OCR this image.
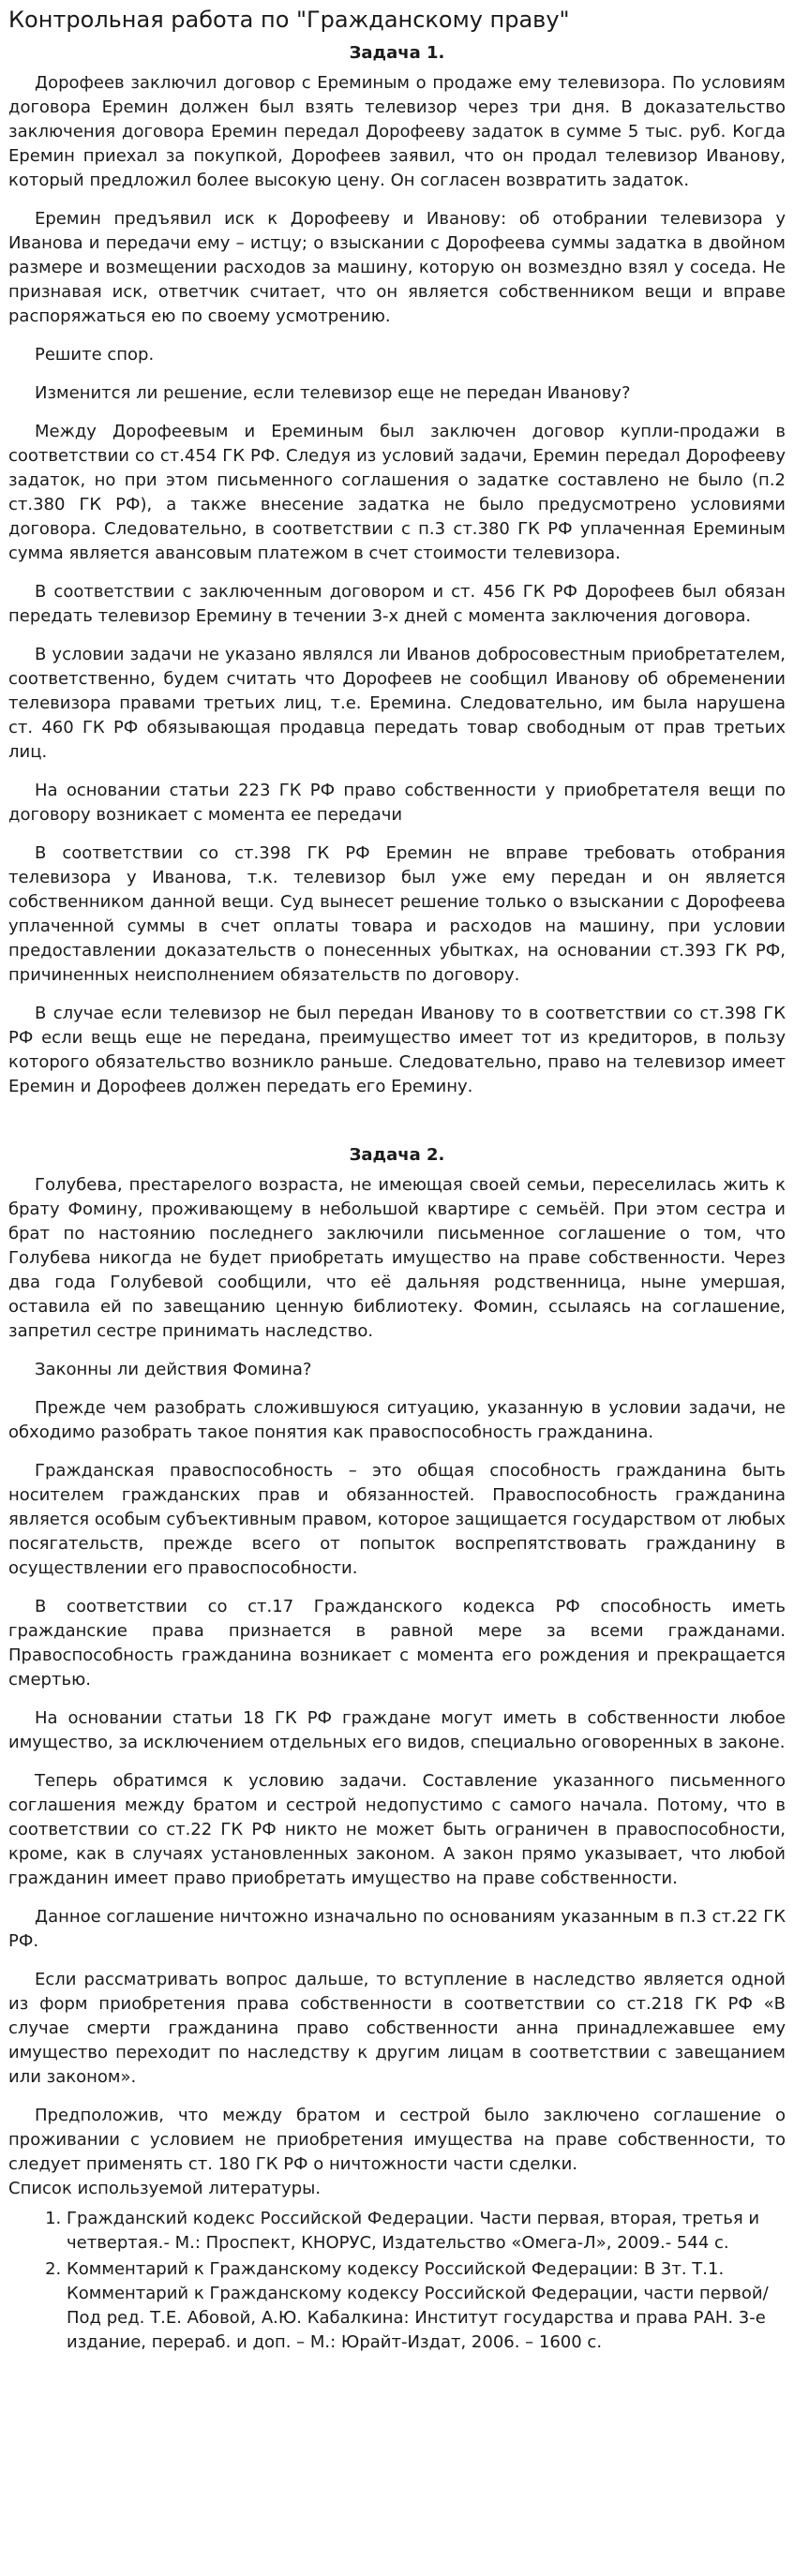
Контрольная работа по "Гражданскому праву"
Задача 1.

Дорофеев заключил договор с Ереминым о продаже ему телевизора. По условиям договора Еремин должен был взять телевизор через три дня. В доказательство заключения договора Еремин передал Дорофееву задаток в сумме 5 тыс. руб. Когда Еремин приехал за покупкой, Дорофеев заявил, что он продал телевизор Иванову, который предложил более высокую цену. Он согласен возвратить задаток.

Еремин предъявил иск к Дорофееву и Иванову: об отобрании телевизора у Иванова и передачи ему – истцу; о взыскании с Дорофеева суммы задатка в двойном размере и возмещении расходов за машину, которую он возмездно взял у соседа. Не признавая иск, ответчик считает, что он является собственником вещи и вправе распоряжаться ею по своему усмотрению.

Решите спор.

Изменится ли решение, если телевизор еще не передан Иванову?

Между Дорофеевым и Ереминым был заключен договор купли-продажи в соответствии со ст.454 ГК РФ. Следуя из условий задачи, Еремин передал Дорофееву задаток, но при этом письменного соглашения о задатке составлено не было (п.2 ст.380 ГК РФ), а также внесение задатка не было предусмотрено условиями договора. Следовательно, в соответствии с п.3 ст.380 ГК РФ уплаченная Ереминым сумма является авансовым платежом в счет стоимости телевизора.

В соответствии с заключенным договором и ст. 456 ГК РФ Дорофеев был обязан передать телевизор Еремину в течении 3-х дней с момента заключения договора.

В условии задачи не указано являлся ли Иванов добросовестным приобретателем, соответственно, будем считать что Дорофеев не сообщил Иванову об обременении телевизора правами третьих лиц, т.е. Еремина. Следовательно, им была нарушена ст. 460 ГК РФ обязывающая продавца передать товар свободным от прав третьих лиц.

На основании статьи 223 ГК РФ право собственности у приобретателя вещи по договору возникает с момента ее передачи

В соответствии со ст.398 ГК РФ Еремин не вправе требовать отобрания телевизора у Иванова, т.к. телевизор был уже ему передан и он является собственником данной вещи. Суд вынесет решение только о взыскании с Дорофеева уплаченной суммы в счет оплаты товара и расходов на машину, при условии предоставлении доказательств о понесенных убытках, на основании ст.393 ГК РФ, причиненных неисполнением обязательств по договору.

В случае если телевизор не был передан Иванову то в соответствии со ст.398 ГК РФ если вещь еще не передана, преимущество имеет тот из кредиторов, в пользу которого обязательство возникло раньше. Следовательно, право на телевизор имеет Еремин и Дорофеев должен передать его Еремину.

Задача 2.

Голубева, престарелого возраста, не имеющая своей семьи, переселилась жить к брату Фомину, проживающему в небольшой квартире с семьёй. При этом сестра и брат по настоянию последнего заключили письменное соглашение о том, что Голубева никогда не будет приобретать имущество на праве собственности. Через два года Голубевой сообщили, что её дальняя родственница, ныне умершая, оставила ей по завещанию ценную библиотеку. Фомин, ссылаясь на соглашение, запретил сестре принимать наследство.

Законны ли действия Фомина?

Прежде чем разобрать сложившуюся ситуацию, указанную в условии задачи, не обходимо разобрать такое понятия как правоспособность гражданина.

Гражданская правоспособность – это общая способность гражданина быть носителем гражданских прав и обязанностей. Правоспособность гражданина является особым субъективным правом, которое защищается государством от любых посягательств, прежде всего от попыток воспрепятствовать гражданину в осуществлении его правоспособности.

В соответствии со ст.17 Гражданского кодекса РФ способность иметь гражданские права признается в равной мере за всеми гражданами. Правоспособность гражданина возникает с момента его рождения и прекращается смертью.

На основании статьи 18 ГК РФ граждане могут иметь в собственности любое имущество, за исключением отдельных его видов, специально оговоренных в законе.

Теперь обратимся к условию задачи. Составление указанного письменного соглашения между братом и сестрой недопустимо с самого начала. Потому, что в соответствии со ст.22 ГК РФ никто не может быть ограничен в правоспособности, кроме, как в случаях установленных законом. А закон прямо указывает, что любой гражданин имеет право приобретать имущество на праве собственности.

Данное соглашение ничтожно изначально по основаниям указанным в п.3 ст.22 ГК РФ.

Если рассматривать вопрос дальше, то вступление в наследство является одной из форм приобретения права собственности в соответствии со ст.218 ГК РФ «В случае смерти гражданина право собственности анна принадлежавшее ему имущество переходит по наследству к другим лицам в соответствии с завещанием или законом».

Предположив, что между братом и сестрой было заключено соглашение о проживании с условием не приобретения имущества на праве собственности, то следует применять ст. 180 ГК РФ о ничтожности части сделки.

Список используемой литературы.
1. Гражданский кодекс Российской Федерации. Части первая, вторая, третья и четвертая.- М.: Проспект, КНОРУС, Издательство «Омега-Л», 2009.- 544 с.
2. Комментарий к Гражданскому кодексу Российской Федерации: В 3т. Т.1. Комментарий к Гражданскому кодексу Российской Федерации, части первой/ Под ред. Т.Е. Абовой, А.Ю. Кабалкина: Институт государства и права РАН. 3-е издание, перераб. и доп. – М.: Юрайт-Издат, 2006. – 1600 с.
